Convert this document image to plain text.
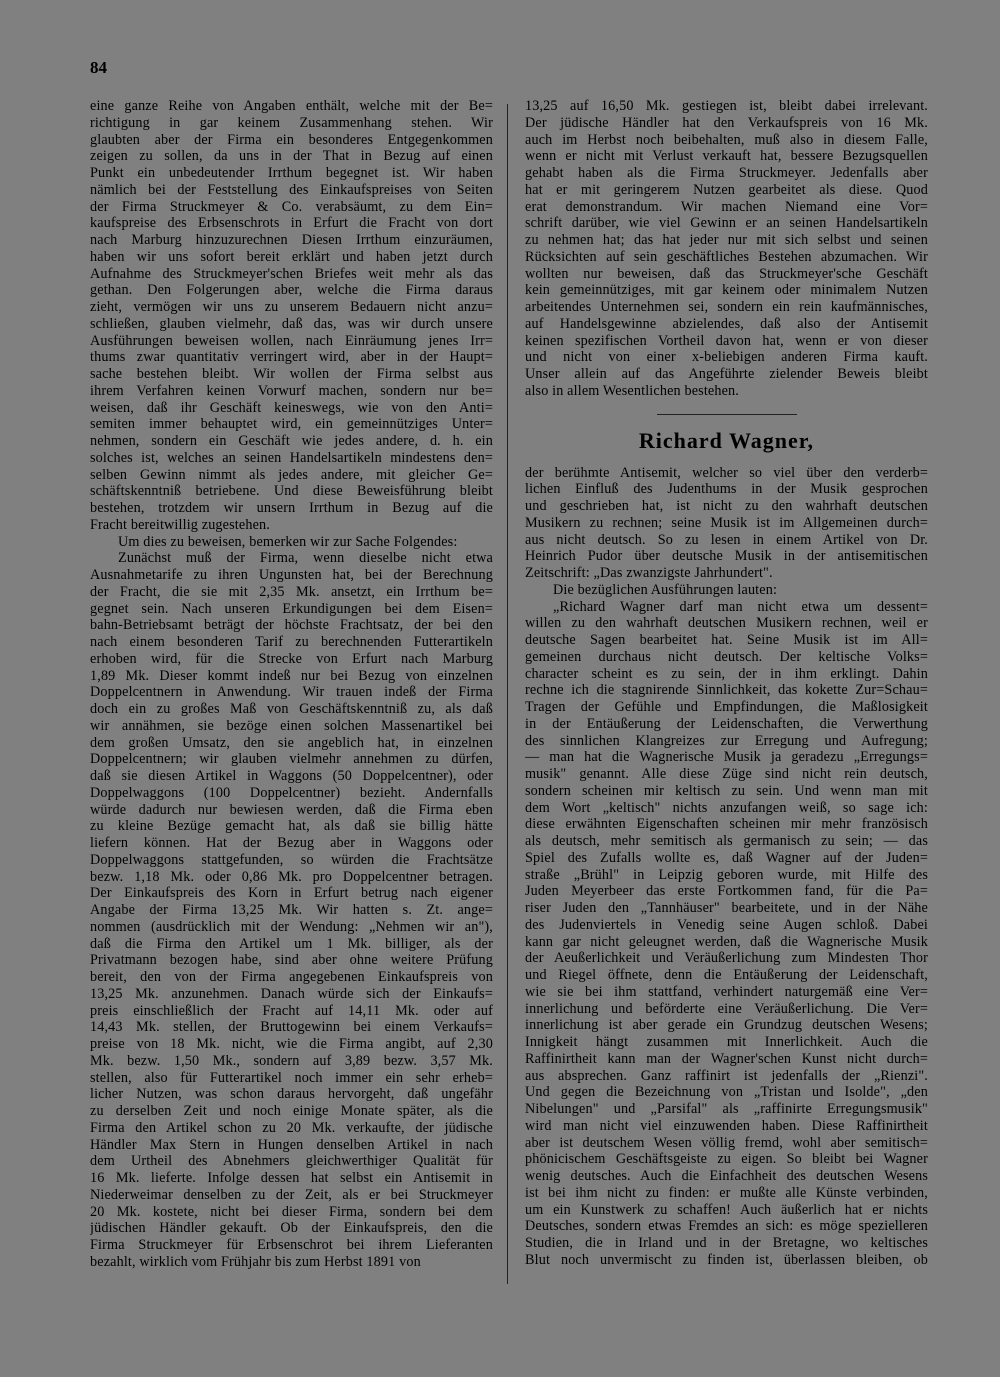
84
eine ganze Reihe von Angaben enthält, welche mit der Be=
richtigung in gar keinem Zusammenhang stehen. Wir
glaubten aber der Firma ein besonderes Entgegenkommen
zeigen zu sollen, da uns in der That in Bezug auf einen
Punkt ein unbedeutender Irrthum begegnet ist. Wir haben
nämlich bei der Feststellung des Einkaufspreises von Seiten
der Firma Struckmeyer & Co. verabsäumt, zu dem Ein=
kaufspreise des Erbsenschrots in Erfurt die Fracht von dort
nach Marburg hinzuzurechnen Diesen Irrthum einzuräumen,
haben wir uns sofort bereit erklärt und haben jetzt durch
Aufnahme des Struckmeyer'schen Briefes weit mehr als das
gethan. Den Folgerungen aber, welche die Firma daraus
zieht, vermögen wir uns zu unserem Bedauern nicht anzu=
schließen, glauben vielmehr, daß das, was wir durch unsere
Ausführungen beweisen wollen, nach Einräumung jenes Irr=
thums zwar quantitativ verringert wird, aber in der Haupt=
sache bestehen bleibt. Wir wollen der Firma selbst aus
ihrem Verfahren keinen Vorwurf machen, sondern nur be=
weisen, daß ihr Geschäft keineswegs, wie von den Anti=
semiten immer behauptet wird, ein gemeinnütziges Unter=
nehmen, sondern ein Geschäft wie jedes andere, d. h. ein
solches ist, welches an seinen Handelsartikeln mindestens den=
selben Gewinn nimmt als jedes andere, mit gleicher Ge=
schäftskenntniß betriebene. Und diese Beweisführung bleibt
bestehen, trotzdem wir unsern Irrthum in Bezug auf die
Fracht bereitwillig zugestehen.
Um dies zu beweisen, bemerken wir zur Sache Folgendes:
Zunächst muß der Firma, wenn dieselbe nicht etwa
Ausnahmetarife zu ihren Ungunsten hat, bei der Berechnung
der Fracht, die sie mit 2,35 Mk. ansetzt, ein Irrthum be=
gegnet sein. Nach unseren Erkundigungen bei dem Eisen=
bahn-Betriebsamt beträgt der höchste Frachtsatz, der bei den
nach einem besonderen Tarif zu berechnenden Futterartikeln
erhoben wird, für die Strecke von Erfurt nach Marburg
1,89 Mk. Dieser kommt indeß nur bei Bezug von einzelnen
Doppelcentnern in Anwendung. Wir trauen indeß der Firma
doch ein zu großes Maß von Geschäftskenntniß zu, als daß
wir annähmen, sie bezöge einen solchen Massenartikel bei
dem großen Umsatz, den sie angeblich hat, in einzelnen
Doppelcentnern; wir glauben vielmehr annehmen zu dürfen,
daß sie diesen Artikel in Waggons (50 Doppelcentner), oder
Doppelwaggons (100 Doppelcentner) bezieht. Andernfalls
würde dadurch nur bewiesen werden, daß die Firma eben
zu kleine Bezüge gemacht hat, als daß sie billig hätte
liefern können. Hat der Bezug aber in Waggons oder
Doppelwaggons stattgefunden, so würden die Frachtsätze
bezw. 1,18 Mk. oder 0,86 Mk. pro Doppelcentner betragen.
Der Einkaufspreis des Korn in Erfurt betrug nach eigener
Angabe der Firma 13,25 Mk. Wir hatten s. Zt. ange=
nommen (ausdrücklich mit der Wendung: „Nehmen wir an"),
daß die Firma den Artikel um 1 Mk. billiger, als der
Privatmann bezogen habe, sind aber ohne weitere Prüfung
bereit, den von der Firma angegebenen Einkaufspreis von
13,25 Mk. anzunehmen. Danach würde sich der Einkaufs=
preis einschließlich der Fracht auf 14,11 Mk. oder auf
14,43 Mk. stellen, der Bruttogewinn bei einem Verkaufs=
preise von 18 Mk. nicht, wie die Firma angibt, auf 2,30
Mk. bezw. 1,50 Mk., sondern auf 3,89 bezw. 3,57 Mk.
stellen, also für Futterartikel noch immer ein sehr erheb=
licher Nutzen, was schon daraus hervorgeht, daß ungefähr
zu derselben Zeit und noch einige Monate später, als die
Firma den Artikel schon zu 20 Mk. verkaufte, der jüdische
Händler Max Stern in Hungen denselben Artikel in nach
dem Urtheil des Abnehmers gleichwerthiger Qualität für
16 Mk. lieferte. Infolge dessen hat selbst ein Antisemit in
Niederweimar denselben zu der Zeit, als er bei Struckmeyer
20 Mk. kostete, nicht bei dieser Firma, sondern bei dem
jüdischen Händler gekauft. Ob der Einkaufspreis, den die
Firma Struckmeyer für Erbsenschrot bei ihrem Lieferanten
bezahlt, wirklich vom Frühjahr bis zum Herbst 1891 von
13,25 auf 16,50 Mk. gestiegen ist, bleibt dabei irrelevant.
Der jüdische Händler hat den Verkaufspreis von 16 Mk.
auch im Herbst noch beibehalten, muß also in diesem Falle,
wenn er nicht mit Verlust verkauft hat, bessere Bezugsquellen
gehabt haben als die Firma Struckmeyer. Jedenfalls aber
hat er mit geringerem Nutzen gearbeitet als diese. Quod
erat demonstrandum. Wir machen Niemand eine Vor=
schrift darüber, wie viel Gewinn er an seinen Handelsartikeln
zu nehmen hat; das hat jeder nur mit sich selbst und seinen
Rücksichten auf sein geschäftliches Bestehen abzumachen. Wir
wollten nur beweisen, daß das Struckmeyer'sche Geschäft
kein gemeinnütziges, mit gar keinem oder minimalem Nutzen
arbeitendes Unternehmen sei, sondern ein rein kaufmännisches,
auf Handelsgewinne abzielendes, daß also der Antisemit
keinen spezifischen Vortheil davon hat, wenn er von dieser
und nicht von einer x-beliebigen anderen Firma kauft.
Unser allein auf das Angeführte zielender Beweis bleibt
also in allem Wesentlichen bestehen.
Richard Wagner,
der berühmte Antisemit, welcher so viel über den verderb=
lichen Einfluß des Judenthums in der Musik gesprochen
und geschrieben hat, ist nicht zu den wahrhaft deutschen
Musikern zu rechnen; seine Musik ist im Allgemeinen durch=
aus nicht deutsch. So zu lesen in einem Artikel von Dr.
Heinrich Pudor über deutsche Musik in der antisemitischen
Zeitschrift: „Das zwanzigste Jahrhundert".
Die bezüglichen Ausführungen lauten:
„Richard Wagner darf man nicht etwa um dessent=
willen zu den wahrhaft deutschen Musikern rechnen, weil er
deutsche Sagen bearbeitet hat. Seine Musik ist im All=
gemeinen durchaus nicht deutsch. Der keltische Volks=
character scheint es zu sein, der in ihm erklingt. Dahin
rechne ich die stagnirende Sinnlichkeit, das kokette Zur=Schau=
Tragen der Gefühle und Empfindungen, die Maßlosigkeit
in der Entäußerung der Leidenschaften, die Verwerthung
des sinnlichen Klangreizes zur Erregung und Aufregung;
— man hat die Wagnerische Musik ja geradezu „Erregungs=
musik" genannt. Alle diese Züge sind nicht rein deutsch,
sondern scheinen mir keltisch zu sein. Und wenn man mit
dem Wort „keltisch" nichts anzufangen weiß, so sage ich:
diese erwähnten Eigenschaften scheinen mir mehr französisch
als deutsch, mehr semitisch als germanisch zu sein; — das
Spiel des Zufalls wollte es, daß Wagner auf der Juden=
straße „Brühl" in Leipzig geboren wurde, mit Hilfe des
Juden Meyerbeer das erste Fortkommen fand, für die Pa=
riser Juden den „Tannhäuser" bearbeitete, und in der Nähe
des Judenviertels in Venedig seine Augen schloß. Dabei
kann gar nicht geleugnet werden, daß die Wagnerische Musik
der Aeußerlichkeit und Veräußerlichung zum Mindesten Thor
und Riegel öffnete, denn die Entäußerung der Leidenschaft,
wie sie bei ihm stattfand, verhindert naturgemäß eine Ver=
innerlichung und beförderte eine Veräußerlichung. Die Ver=
innerlichung ist aber gerade ein Grundzug deutschen Wesens;
Innigkeit hängt zusammen mit Innerlichkeit. Auch die
Raffinirtheit kann man der Wagner'schen Kunst nicht durch=
aus absprechen. Ganz raffinirt ist jedenfalls der „Rienzi".
Und gegen die Bezeichnung von „Tristan und Isolde", „den
Nibelungen" und „Parsifal" als „raffinirte Erregungsmusik"
wird man nicht viel einzuwenden haben. Diese Raffinirtheit
aber ist deutschem Wesen völlig fremd, wohl aber semitisch=
phönicischem Geschäftsgeiste zu eigen. So bleibt bei Wagner
wenig deutsches. Auch die Einfachheit des deutschen Wesens
ist bei ihm nicht zu finden: er mußte alle Künste verbinden,
um ein Kunstwerk zu schaffen! Auch äußerlich hat er nichts
Deutsches, sondern etwas Fremdes an sich: es möge spezielleren
Studien, die in Irland und in der Bretagne, wo keltisches
Blut noch unvermischt zu finden ist, überlassen bleiben, ob
